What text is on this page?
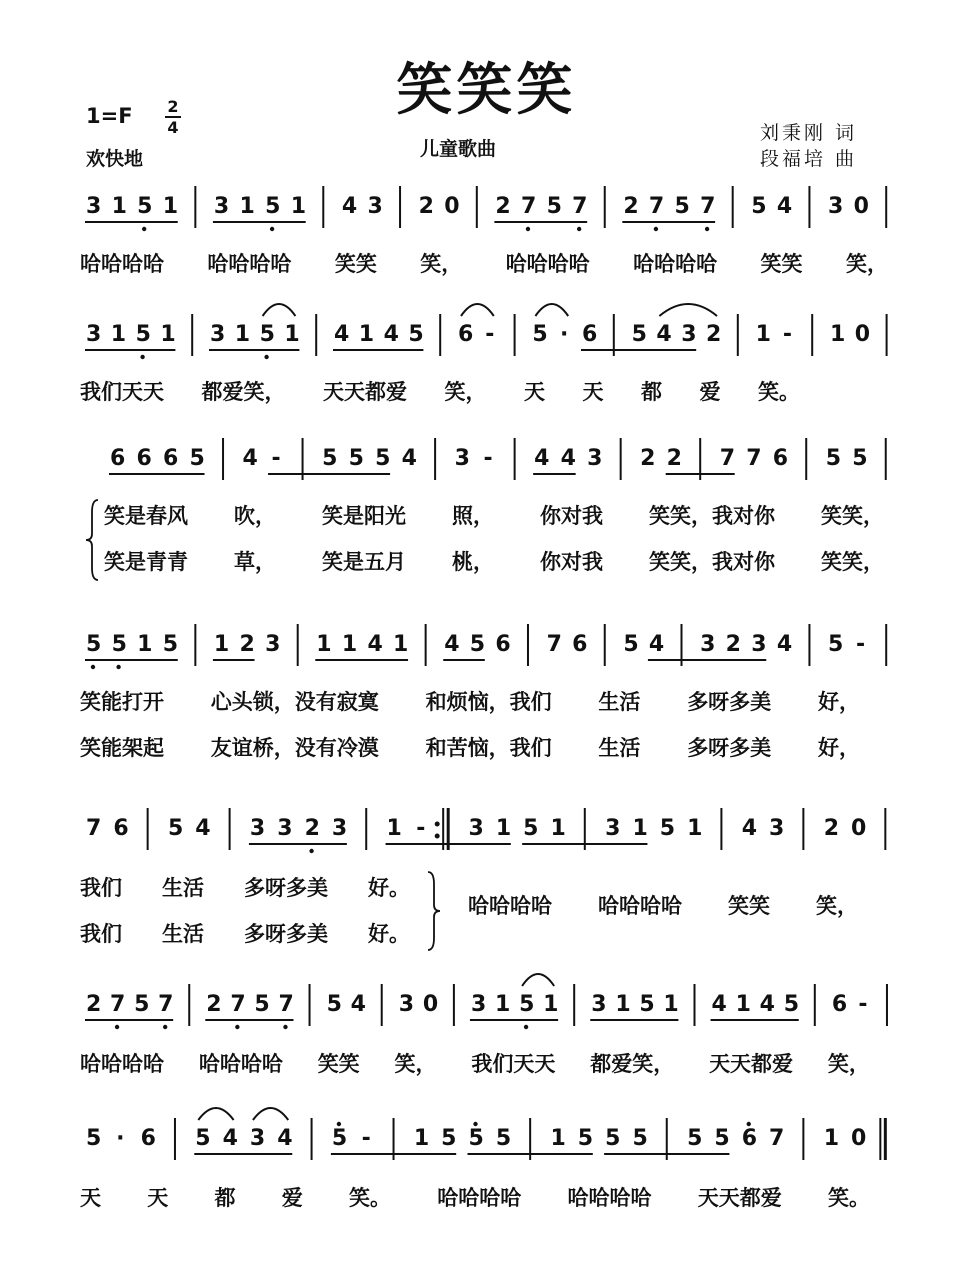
笑笑笑
1=F	2
4
欢快地	儿童歌曲
刘秉刚 词
段福培 曲
3 1 5 1 3 1 5 1 4 3 2 0 2 7 5 7 2 7 5 7 5 4 3 0
哈哈哈哈 哈哈哈哈 笑笑 笑， 哈哈哈哈 哈哈哈哈 笑笑 笑，
3 1 5 1 3 1 5 1 4 1 4 5 6 - 5 · 6 5 4 3 2 1 - 1 0
我们天天 都爱笑， 天天都爱 笑， 天 天 都 爱 笑。
6 6 6 5 4 - 5 5 5 4 3 - 4 4 3 2 2 7 7 6 5 5
笑是春风 吹， 笑是阳光 照， 你对我 笑笑，我对你 笑笑，
笑是青青 草， 笑是五月 桃， 你对我 笑笑，我对你 笑笑，
5 5 1 5 1 2 3 1 1 4 1 4 5 6 7 6 5 4 3 2 3 4 5 -
笑能打开 心头锁，没有寂寞 和烦恼，我们 生活 多呀多美 好，
笑能架起 友谊桥，没有冷漠 和苦恼，我们 生活 多呀多美 好，
7 6 5 4 3 3 2 3 1 - 3 1 5 1 3 1 5 1 4 3 2 0
我们 生活 多呀多美 好。
我们 生活 多呀多美 好。
哈哈哈哈 哈哈哈哈 笑笑 笑，
2 7 5 7 2 7 5 7 5 4 3 0 3 1 5 1 3 1 5 1 4 1 4 5 6 -
哈哈哈哈 哈哈哈哈 笑笑 笑， 我们天天 都爱笑， 天天都爱 笑，
5 · 6 5 4 3 4 5 - 1 5 5 5 1 5 5 5 5 5 6 7 1 0
天 天 都 爱 笑。 哈哈哈哈 哈哈哈哈 天天都爱 笑。
